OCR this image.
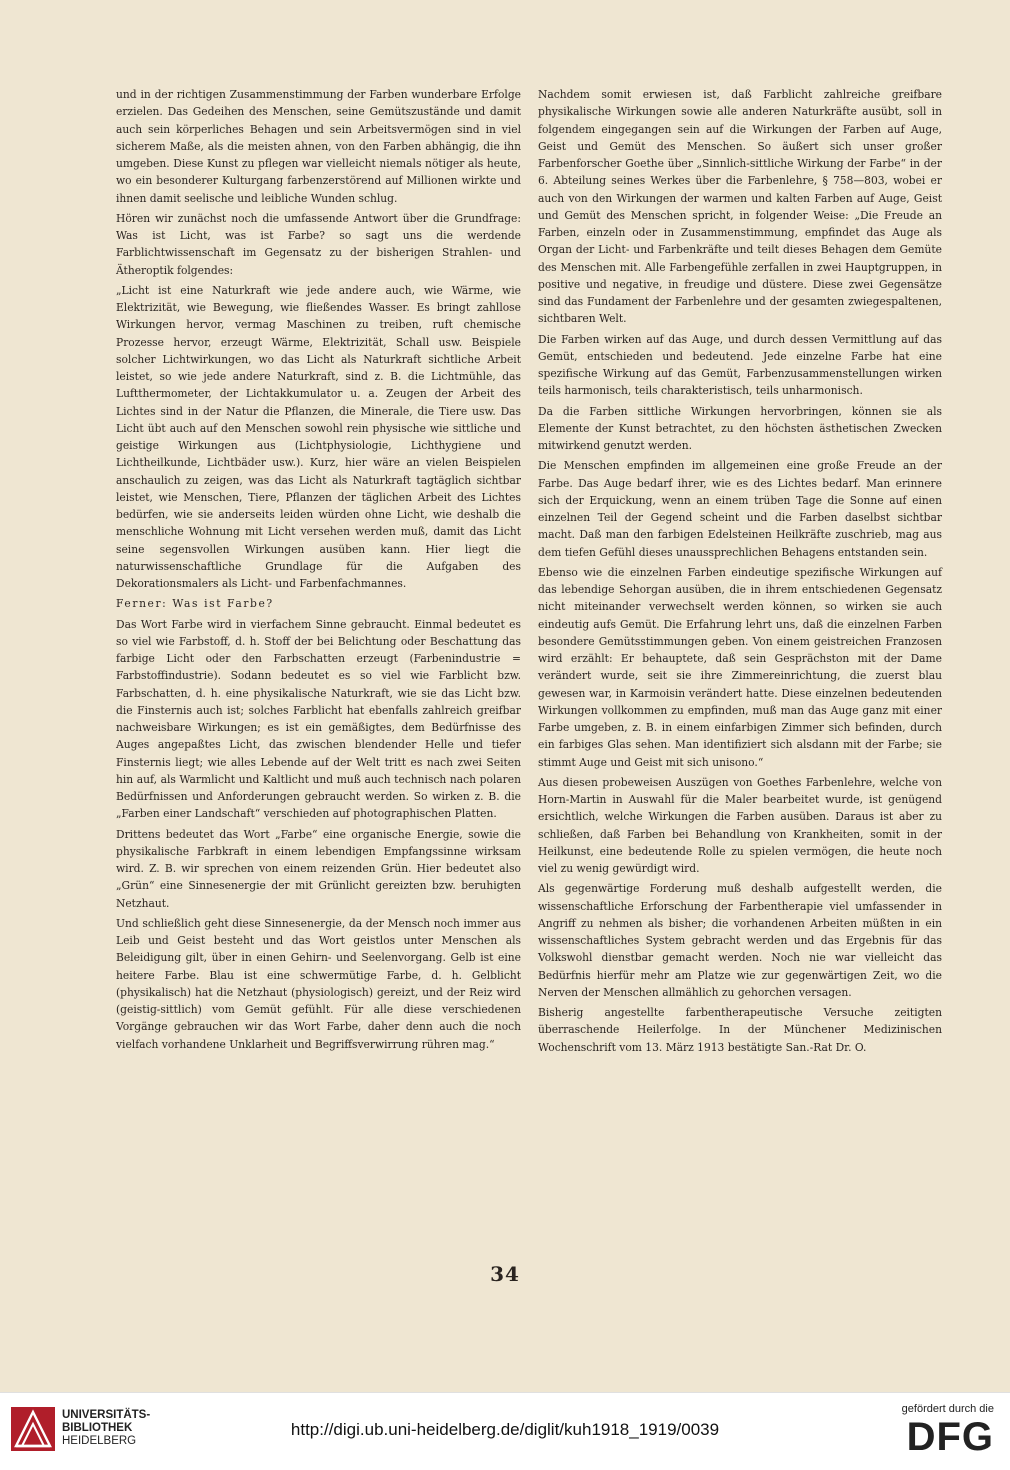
und in der richtigen Zusammenstimmung der Farben wunderbare Erfolge erzielen. Das Gedeihen des Menschen, seine Gemütszustände und damit auch sein körperliches Behagen und sein Arbeitsvermögen sind in viel sicherem Maße, als die meisten ahnen, von den Farben abhängig, die ihn umgeben. Diese Kunst zu pflegen war vielleicht niemals nötiger als heute, wo ein besonderer Kulturgang farbenzerstörend auf Millionen wirkte und ihnen damit seelische und leibliche Wunden schlug.

Hören wir zunächst noch die umfassende Antwort über die Grundfrage: Was ist Licht, was ist Farbe? so sagt uns die werdende Farblichtwissenschaft im Gegensatz zu der bisherigen Strahlen- und Ätheroptik folgendes:

„Licht ist eine Naturkraft wie jede andere auch, wie Wärme, wie Elektrizität, wie Bewegung, wie fließendes Wasser. Es bringt zahllose Wirkungen hervor, vermag Maschinen zu treiben, ruft chemische Prozesse hervor, erzeugt Wärme, Elektrizität, Schall usw. Beispiele solcher Lichtwirkungen, wo das Licht als Naturkraft sichtliche Arbeit leistet, so wie jede andere Naturkraft, sind z. B. die Lichtmühle, das Luftthermometer, der Lichtakkumulator u. a. Zeugen der Arbeit des Lichtes sind in der Natur die Pflanzen, die Minerale, die Tiere usw. Das Licht übt auch auf den Menschen sowohl rein physische wie sittliche und geistige Wirkungen aus (Lichtphysiologie, Lichthygiene und Lichtheilkunde, Lichtbäder usw.). Kurz, hier wäre an vielen Beispielen anschaulich zu zeigen, was das Licht als Naturkraft tagtäglich sichtbar leistet, wie Menschen, Tiere, Pflanzen der täglichen Arbeit des Lichtes bedürfen, wie sie anderseits leiden würden ohne Licht, wie deshalb die menschliche Wohnung mit Licht versehen werden muß, damit das Licht seine segensvollen Wirkungen ausüben kann. Hier liegt die naturwissenschaftliche Grundlage für die Aufgaben des Dekorationsmalers als Licht- und Farbenfachmannes.

Ferner: Was ist Farbe?

Das Wort Farbe wird in vierfachem Sinne gebraucht. Einmal bedeutet es so viel wie Farbstoff, d. h. Stoff der bei Belichtung oder Beschattung das farbige Licht oder den Farbschatten erzeugt (Farbenindustrie = Farbstoffindustrie). Sodann bedeutet es so viel wie Farblicht bzw. Farbschatten, d. h. eine physikalische Naturkraft, wie sie das Licht bzw. die Finsternis auch ist; solches Farblicht hat ebenfalls zahlreich greifbar nachweisbare Wirkungen; es ist ein gemäßigtes, dem Bedürfnisse des Auges angepaßtes Licht, das zwischen blendender Helle und tiefer Finsternis liegt; wie alles Lebende auf der Welt tritt es nach zwei Seiten hin auf, als Warmlicht und Kaltlicht und muß auch technisch nach polaren Bedürfnissen und Anforderungen gebraucht werden. So wirken z. B. die „Farben einer Landschaft“ verschieden auf photographischen Platten.

Drittens bedeutet das Wort „Farbe“ eine organische Energie, sowie die physikalische Farbkraft in einem lebendigen Empfangssinne wirksam wird. Z. B. wir sprechen von einem reizenden Grün. Hier bedeutet also „Grün“ eine Sinnesenergie der mit Grünlicht gereizten bzw. beruhigten Netzhaut.

Und schließlich geht diese Sinnesenergie, da der Mensch noch immer aus Leib und Geist besteht und das Wort geistlos unter Menschen als Beleidigung gilt, über in einen Gehirn- und Seelenvorgang. Gelb ist eine heitere Farbe. Blau ist eine schwermütige Farbe, d. h. Gelblicht (physikalisch) hat die Netzhaut (physiologisch) gereizt, und der Reiz wird (geistig-sittlich) vom Gemüt gefühlt. Für alle diese verschiedenen Vorgänge gebrauchen wir das Wort Farbe, daher denn auch die noch vielfach vorhandene Unklarheit und Begriffsverwirrung rühren mag.“

Nachdem somit erwiesen ist, daß Farblicht zahlreiche greifbare physikalische Wirkungen sowie alle anderen Naturkräfte ausübt, soll in folgendem eingegangen sein auf die Wirkungen der Farben auf Auge, Geist und Gemüt des Menschen. So äußert sich unser großer Farbenforscher Goethe über „Sinnlich-sittliche Wirkung der Farbe“ in der 6. Abteilung seines Werkes über die Farbenlehre, § 758—803, wobei er auch von den Wirkungen der warmen und kalten Farben auf Auge, Geist und Gemüt des Menschen spricht, in folgender Weise: „Die Freude an Farben, einzeln oder in Zusammenstimmung, empfindet das Auge als Organ der Licht- und Farbenkräfte und teilt dieses Behagen dem Gemüte des Menschen mit. Alle Farbengefühle zerfallen in zwei Hauptgruppen, in positive und negative, in freudige und düstere. Diese zwei Gegensätze sind das Fundament der Farbenlehre und der gesamten zwiegespaltenen, sichtbaren Welt.

Die Farben wirken auf das Auge, und durch dessen Vermittlung auf das Gemüt, entschieden und bedeutend. Jede einzelne Farbe hat eine spezifische Wirkung auf das Gemüt, Farbenzusammenstellungen wirken teils harmonisch, teils charakteristisch, teils unharmonisch.

Da die Farben sittliche Wirkungen hervorbringen, können sie als Elemente der Kunst betrachtet, zu den höchsten ästhetischen Zwecken mitwirkend genutzt werden.

Die Menschen empfinden im allgemeinen eine große Freude an der Farbe. Das Auge bedarf ihrer, wie es des Lichtes bedarf. Man erinnere sich der Erquickung, wenn an einem trüben Tage die Sonne auf einen einzelnen Teil der Gegend scheint und die Farben daselbst sichtbar macht. Daß man den farbigen Edelsteinen Heilkräfte zuschrieb, mag aus dem tiefen Gefühl dieses unaussprechlichen Behagens entstanden sein.

Ebenso wie die einzelnen Farben eindeutige spezifische Wirkungen auf das lebendige Sehorgan ausüben, die in ihrem entschiedenen Gegensatz nicht miteinander verwechselt werden können, so wirken sie auch eindeutig aufs Gemüt. Die Erfahrung lehrt uns, daß die einzelnen Farben besondere Gemütsstimmungen geben. Von einem geistreichen Franzosen wird erzählt: Er behauptete, daß sein Gesprächston mit der Dame verändert wurde, seit sie ihre Zimmereinrichtung, die zuerst blau gewesen war, in Karmoisin verändert hatte. Diese einzelnen bedeutenden Wirkungen vollkommen zu empfinden, muß man das Auge ganz mit einer Farbe umgeben, z. B. in einem einfarbigen Zimmer sich befinden, durch ein farbiges Glas sehen. Man identifiziert sich alsdann mit der Farbe; sie stimmt Auge und Geist mit sich unisono.“

Aus diesen probeweisen Auszügen von Goethes Farbenlehre, welche von Horn-Martin in Auswahl für die Maler bearbeitet wurde, ist genügend ersichtlich, welche Wirkungen die Farben ausüben. Daraus ist aber zu schließen, daß Farben bei Behandlung von Krankheiten, somit in der Heilkunst, eine bedeutende Rolle zu spielen vermögen, die heute noch viel zu wenig gewürdigt wird.

Als gegenwärtige Forderung muß deshalb aufgestellt werden, die wissenschaftliche Erforschung der Farbentherapie viel umfassender in Angriff zu nehmen als bisher; die vorhandenen Arbeiten müßten in ein wissenschaftliches System gebracht werden und das Ergebnis für das Volkswohl dienstbar gemacht werden. Noch nie war vielleicht das Bedürfnis hierfür mehr am Platze wie zur gegenwärtigen Zeit, wo die Nerven der Menschen allmählich zu gehorchen versagen.

Bisherig angestellte farbentherapeutische Versuche zeitigten überraschende Heilerfolge. In der Münchener Medizinischen Wochenschrift vom 13. März 1913 bestätigte San.-Rat Dr. O.

34
UNIVERSITÄTS-
BIBLIOTHEK
HEIDELBERG
http://digi.ub.uni-heidelberg.de/diglit/kuh1918_1919/0039
gefördert durch die
DFG
